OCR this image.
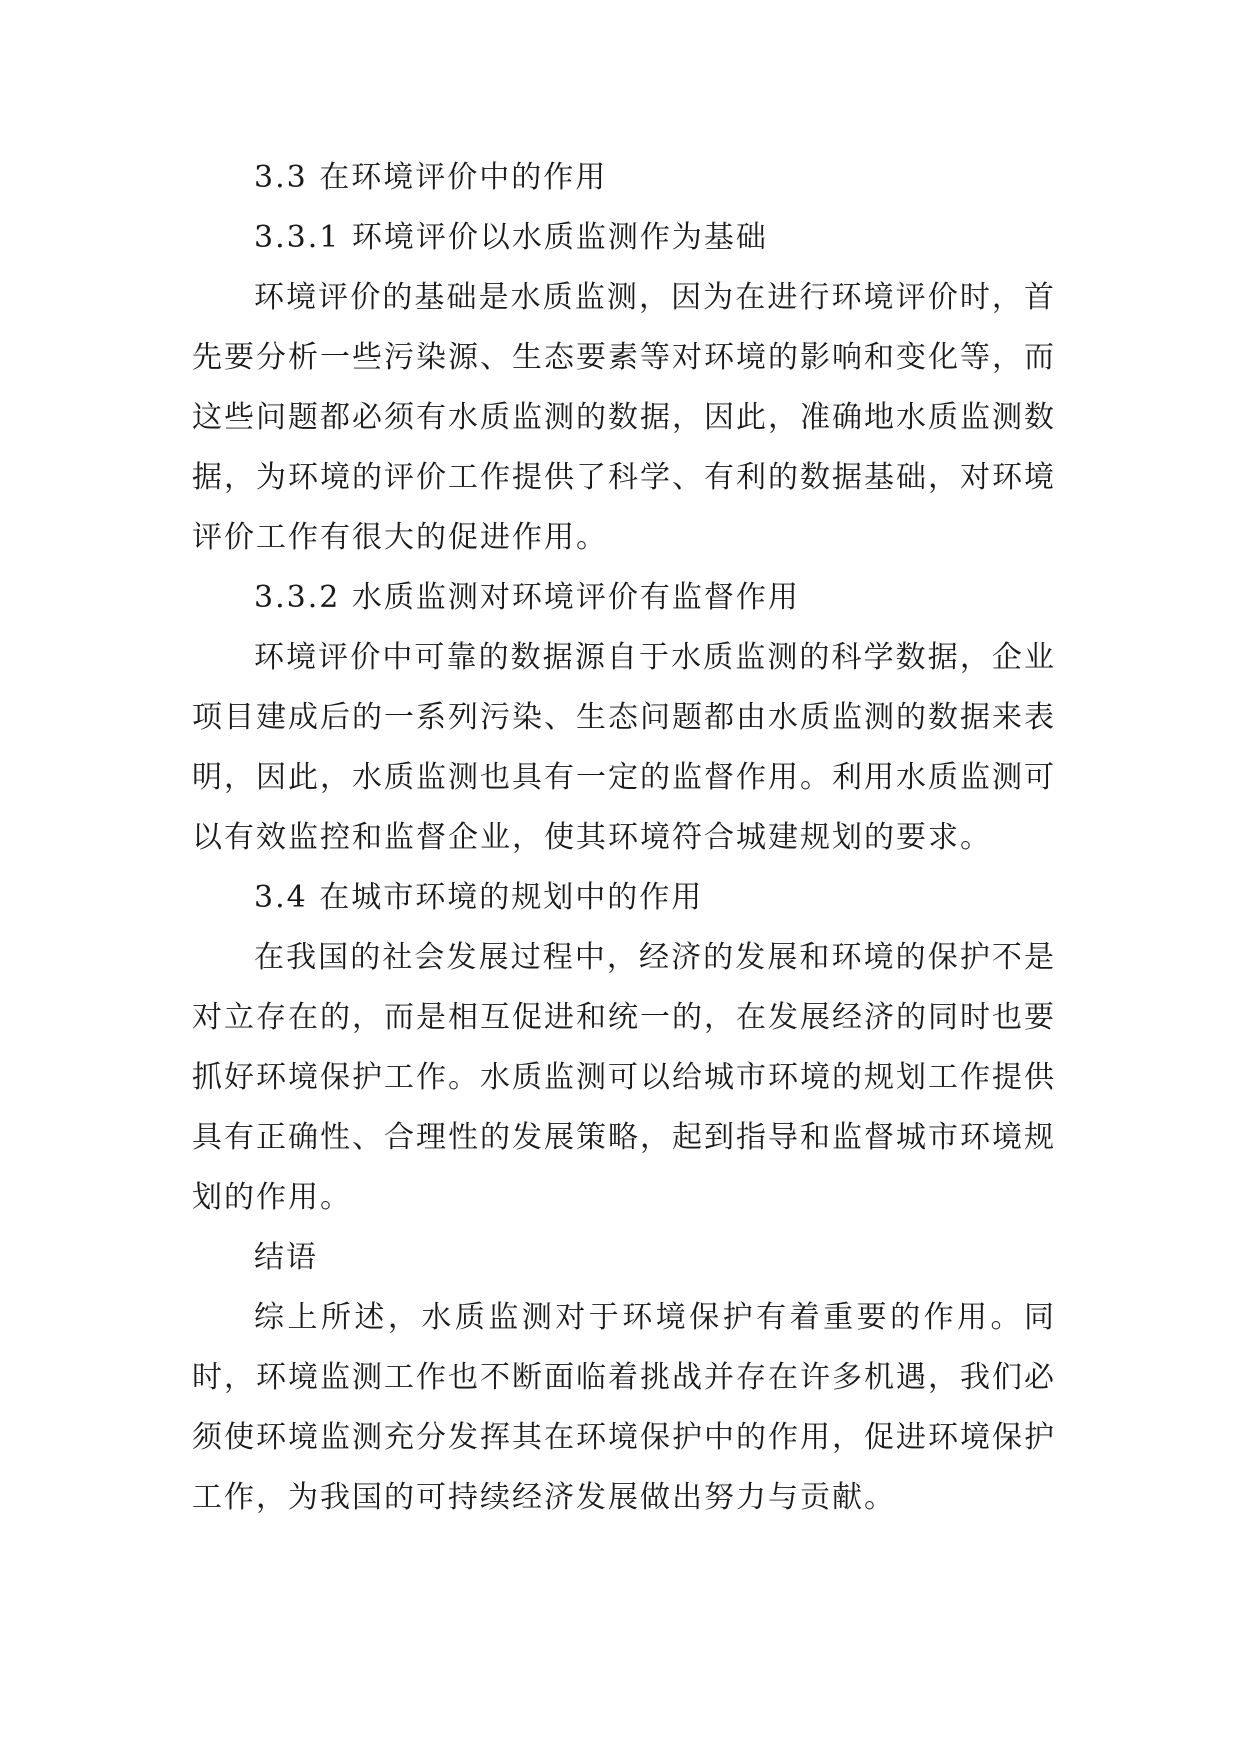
3.3 在环境评价中的作用

3.3.1 环境评价以水质监测作为基础

环境评价的基础是水质监测，因为在进行环境评价时，首先要分析一些污染源、生态要素等对环境的影响和变化等，而这些问题都必须有水质监测的数据，因此，准确地水质监测数据，为环境的评价工作提供了科学、有利的数据基础，对环境评价工作有很大的促进作用。

3.3.2 水质监测对环境评价有监督作用

环境评价中可靠的数据源自于水质监测的科学数据，企业项目建成后的一系列污染、生态问题都由水质监测的数据来表明，因此，水质监测也具有一定的监督作用。利用水质监测可以有效监控和监督企业，使其环境符合城建规划的要求。

3.4 在城市环境的规划中的作用

在我国的社会发展过程中，经济的发展和环境的保护不是对立存在的，而是相互促进和统一的，在发展经济的同时也要抓好环境保护工作。水质监测可以给城市环境的规划工作提供具有正确性、合理性的发展策略，起到指导和监督城市环境规划的作用。

结语

综上所述，水质监测对于环境保护有着重要的作用。同时，环境监测工作也不断面临着挑战并存在许多机遇，我们必须使环境监测充分发挥其在环境保护中的作用，促进环境保护工作，为我国的可持续经济发展做出努力与贡献。
